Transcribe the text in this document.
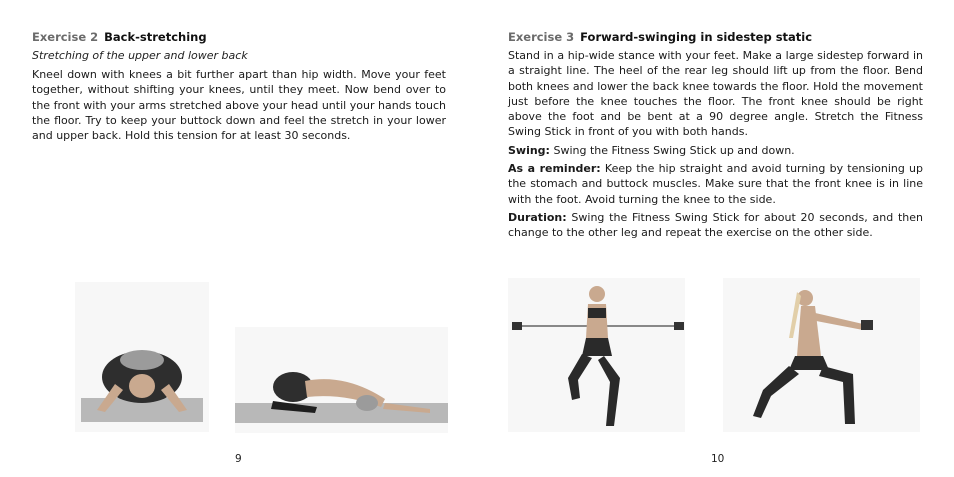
Exercise 2 Back-stretching
Stretching of the upper and lower back
Kneel down with knees a bit further apart than hip width. Move your feet together, without shifting your knees, until they meet. Now bend over to the front with your arms stretched above your head until your hands touch the floor. Try to keep your buttock down and feel the stretch in your lower and upper back. Hold this tension for at least 30 seconds.
9
Exercise 3 Forward-swinging in sidestep static

Stand in a hip-wide stance with your feet. Make a large sidestep forward in a straight line. The heel of the rear leg should lift up from the floor. Bend both knees and lower the back knee towards the floor. Hold the movement just before the knee touches the floor. The front knee should be right above the foot and be bent at a 90 degree angle. Stretch the Fitness Swing Stick in front of you with both hands.

Swing: Swing the Fitness Swing Stick up and down.

As a reminder: Keep the hip straight and avoid turning by tensioning up the stomach and buttock muscles. Make sure that the front knee is in line with the foot. Avoid turning the knee to the side.

Duration: Swing the Fitness Swing Stick for about 20 seconds, and then change to the other leg and repeat the exercise on the other side.

10
